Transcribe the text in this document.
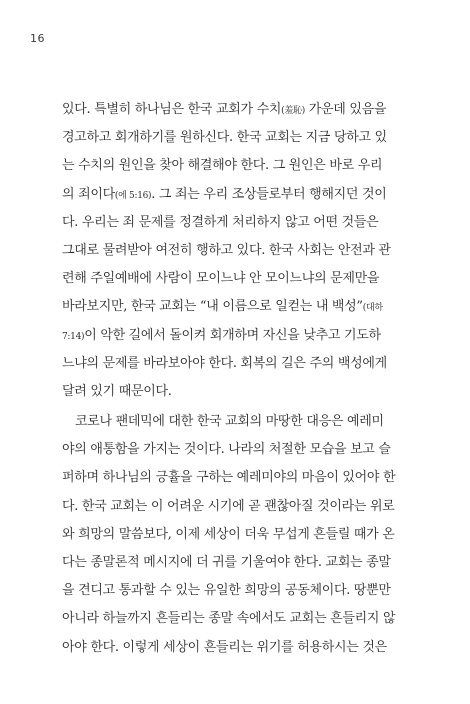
16
있다. 특별히 하나님은 한국 교회가 수치(羞恥) 가운데 있음을
경고하고 회개하기를 원하신다. 한국 교회는 지금 당하고 있
는 수치의 원인을 찾아 해결해야 한다. 그 원인은 바로 우리
의 죄이다(에 5:16). 그 죄는 우리 조상들로부터 행해지던 것이
다. 우리는 죄 문제를 정결하게 처리하지 않고 어떤 것들은
그대로 물려받아 여전히 행하고 있다. 한국 사회는 안전과 관
련해 주일예배에 사람이 모이느냐 안 모이느냐의 문제만을
바라보지만, 한국 교회는 “내 이름으로 일컫는 내 백성”(대하
7:14)이 악한 길에서 돌이켜 회개하며 자신을 낮추고 기도하
느냐의 문제를 바라보아야 한다. 회복의 길은 주의 백성에게
달려 있기 때문이다.
코로나 팬데믹에 대한 한국 교회의 마땅한 대응은 예레미
야의 애통함을 가지는 것이다. 나라의 처절한 모습을 보고 슬
퍼하며 하나님의 긍휼을 구하는 예레미야의 마음이 있어야 한
다. 한국 교회는 이 어려운 시기에 곧 괜찮아질 것이라는 위로
와 희망의 말씀보다, 이제 세상이 더욱 무섭게 흔들릴 때가 온
다는 종말론적 메시지에 더 귀를 기울여야 한다. 교회는 종말
을 견디고 통과할 수 있는 유일한 희망의 공동체이다. 땅뿐만
아니라 하늘까지 흔들리는 종말 속에서도 교회는 흔들리지 않
아야 한다. 이렇게 세상이 흔들리는 위기를 허용하시는 것은
